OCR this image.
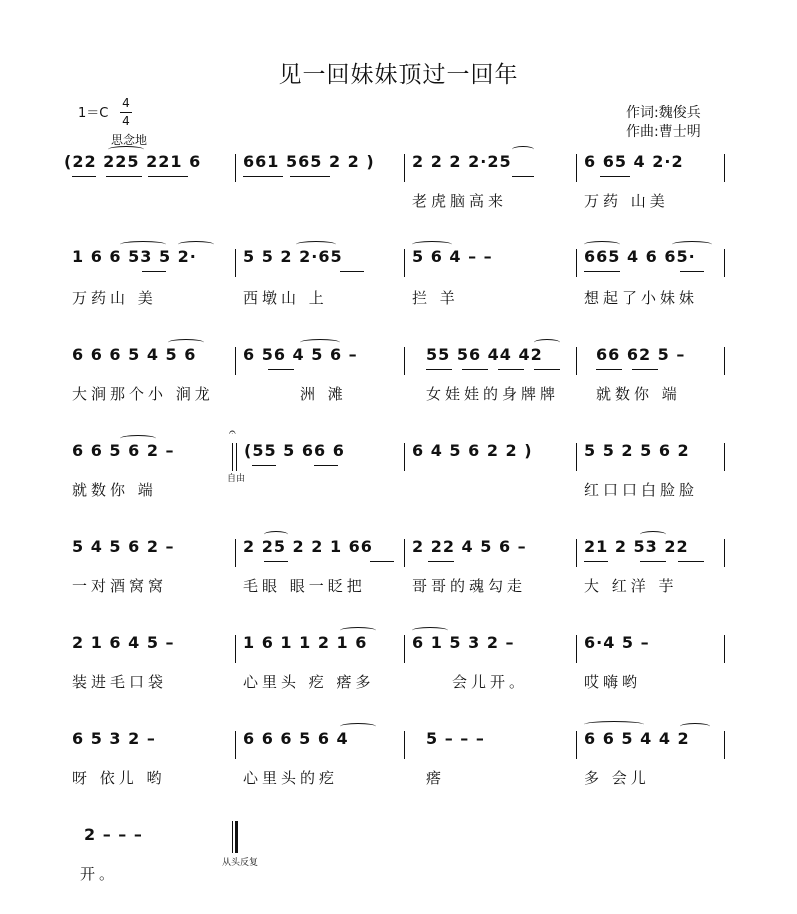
见一回妹妹顶过一回年
1＝C
4
4
思念地
作词:魏俊兵
作曲:曹士明
(22 225 221 6	661 565 2 2 ) 2 2 2 2·25	6 65 4 2·2
老虎脑高来	万药 山美
1 6 6 53 5 2·	5 5 2 2·65	5 6 4 – –	665 4 6 65·
万药山 美	西墩山 上	拦 羊	想起了小妹妹
6 6 6 5 4 5 6	6 56 4 5 6 –	55 56 44 42	66 62 5 –
大涧那个小 涧龙	洲 滩	女娃娃的身牌牌 就数你 端
6 6 5 6 2 –
𝄐
自由
(55 5 66 6	6 4 5 6 2 2 )	5 5 2 5 6 2
就数你 端	红口口白脸脸
5 4 5 6 2 –	2 25 2 2 1 66 2 22 4 5 6 –	21 2 53 22
一对酒窝窝	毛眼 眼一眨把	哥哥的魂勾走	大 红洋 芋
2 1 6 4 5 –	1 6 1 1 2 1 6	6 1 5 3 2 –	6·4 5 –
装进毛口袋	心里头 疙 瘩多	会儿开。	哎嗨哟
6 5 3 2 –	6 6 6 5 6 4	5 – – –	6 6 5 4 4 2
呀 依儿 哟	心里头的疙	瘩	多 会儿
2 – – –
开。
从头反复
